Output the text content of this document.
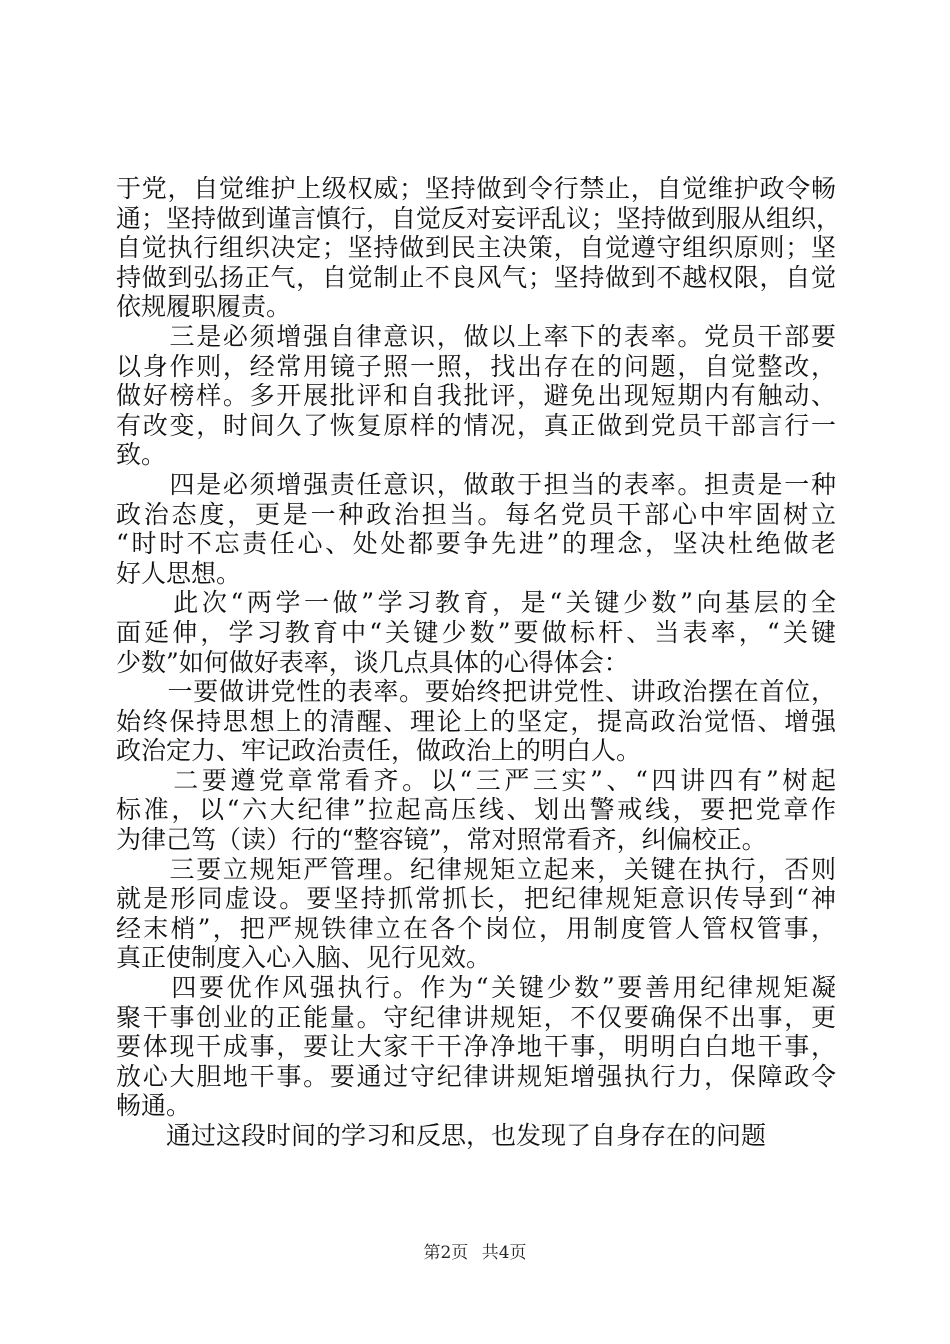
于党，自觉维护上级权威；坚持做到令行禁止，自觉维护政令畅
通；坚持做到谨言慎行，自觉反对妄评乱议；坚持做到服从组织，
自觉执行组织决定；坚持做到民主决策，自觉遵守组织原则；坚
持做到弘扬正气，自觉制止不良风气；坚持做到不越权限，自觉
依规履职履责。
　　三是必须增强自律意识，做以上率下的表率。党员干部要
以身作则，经常用镜子照一照，找出存在的问题，自觉整改，
做好榜样。多开展批评和自我批评，避免出现短期内有触动、
有改变，时间久了恢复原样的情况，真正做到党员干部言行一
致。
　　四是必须增强责任意识，做敢于担当的表率。担责是一种
政治态度，更是一种政治担当。每名党员干部心中牢固树立
“时时不忘责任心、处处都要争先进”的理念，坚决杜绝做老
好人思想。
　　此次“两学一做”学习教育，是“关键少数”向基层的全
面延伸，学习教育中“关键少数”要做标杆、当表率，“关键
少数”如何做好表率，谈几点具体的心得体会：
　　一要做讲党性的表率。要始终把讲党性、讲政治摆在首位，
始终保持思想上的清醒、理论上的坚定，提高政治觉悟、增强
政治定力、牢记政治责任，做政治上的明白人。
　　二要遵党章常看齐。以“三严三实”、“四讲四有”树起
标准，以“六大纪律”拉起高压线、划出警戒线，要把党章作
为律己笃（读）行的“整容镜”，常对照常看齐，纠偏校正。
　　三要立规矩严管理。纪律规矩立起来，关键在执行，否则
就是形同虚设。要坚持抓常抓长，把纪律规矩意识传导到“神
经末梢”，把严规铁律立在各个岗位，用制度管人管权管事，
真正使制度入心入脑、见行见效。
　　四要优作风强执行。作为“关键少数”要善用纪律规矩凝
聚干事创业的正能量。守纪律讲规矩，不仅要确保不出事，更
要体现干成事，要让大家干干净净地干事，明明白白地干事，
放心大胆地干事。要通过守纪律讲规矩增强执行力，保障政令
畅通。
　　通过这段时间的学习和反思，也发现了自身存在的问题
第2页 共4页
